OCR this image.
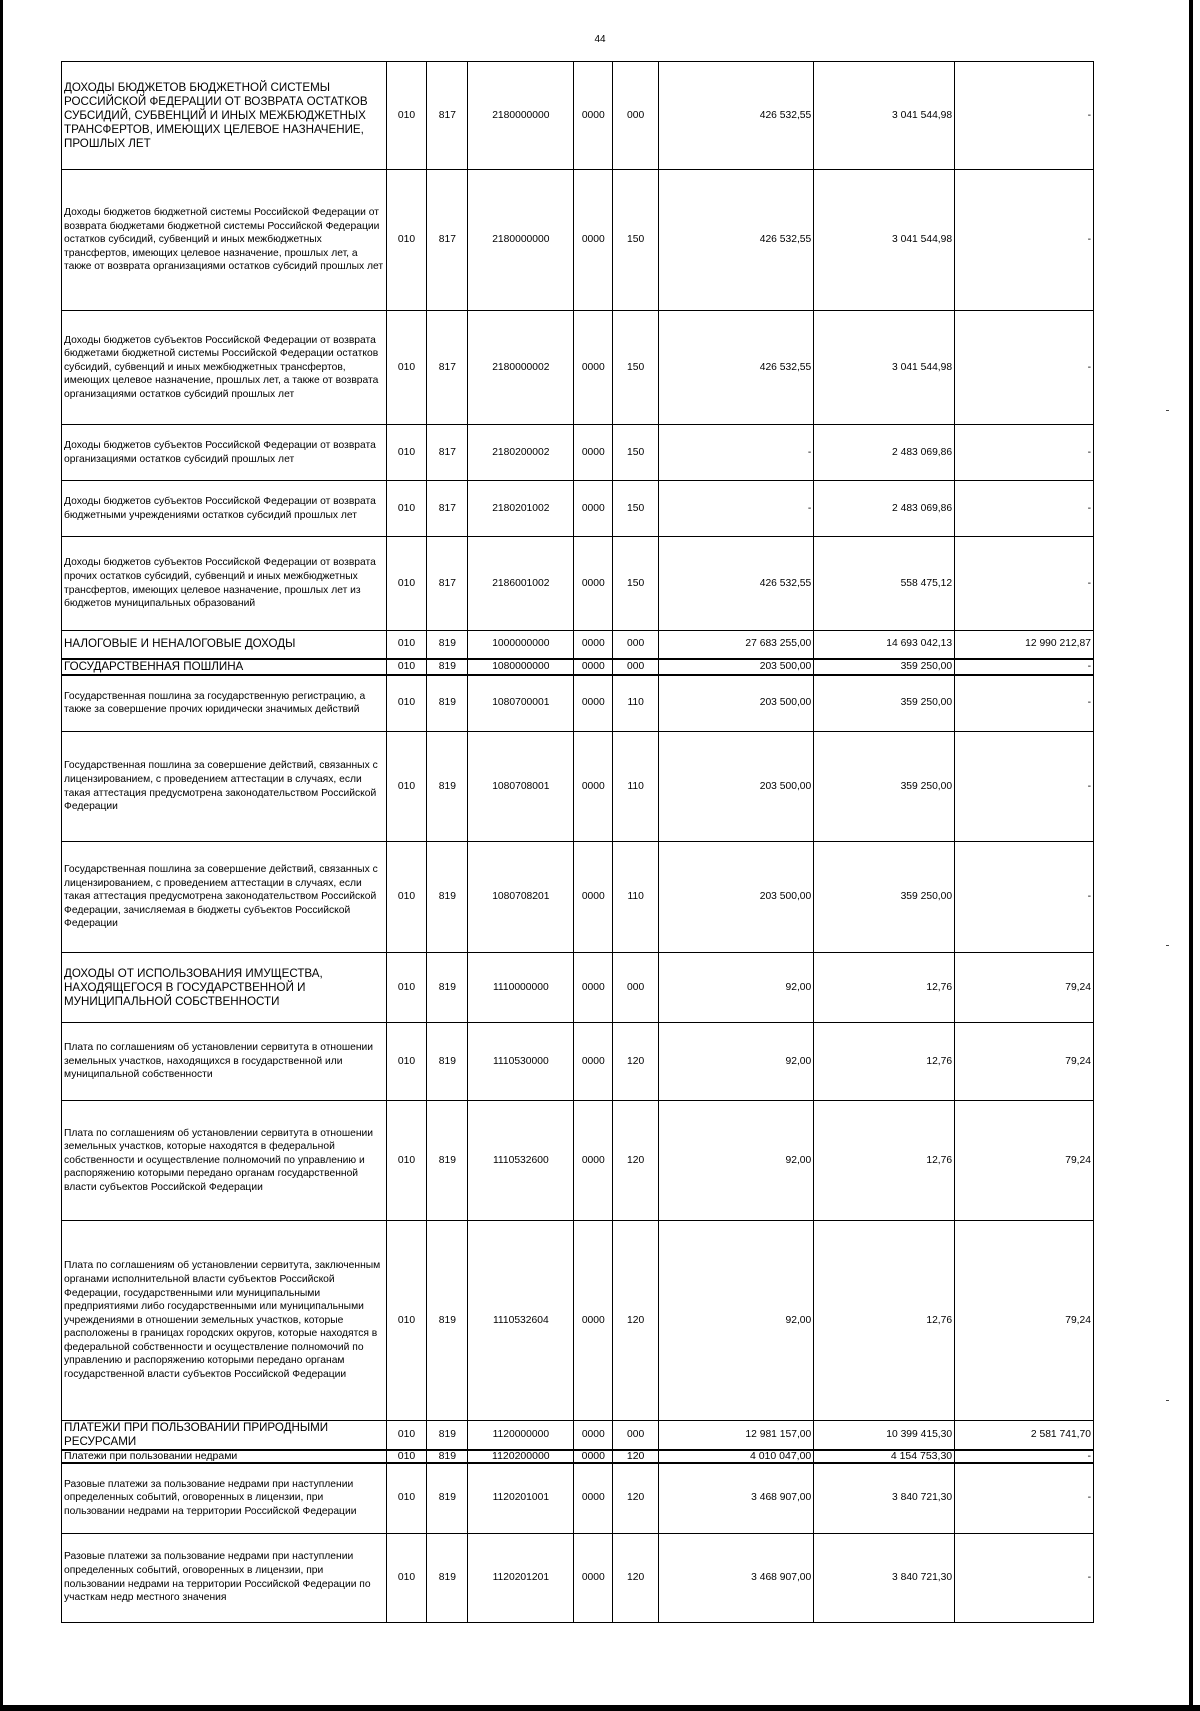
44
ДОХОДЫ БЮДЖЕТОВ БЮДЖЕТНОЙ СИСТЕМЫ РОССИЙСКОЙ ФЕДЕРАЦИИ ОТ ВОЗВРАТА ОСТАТКОВ СУБСИДИЙ, СУБВЕНЦИЙ И ИНЫХ МЕЖБЮДЖЕТНЫХ ТРАНСФЕРТОВ, ИМЕЮЩИХ ЦЕЛЕВОЕ НАЗНАЧЕНИЕ, ПРОШЛЫХ ЛЕТ	010	817	2180000000	0000	000	426 532,55	3 041 544,98	-
Доходы бюджетов бюджетной системы Российской Федерации от возврата бюджетами бюджетной системы Российской Федерации остатков субсидий, субвенций и иных межбюджетных трансфертов, имеющих целевое назначение, прошлых лет, а также от возврата организациями остатков субсидий прошлых лет	010	817	2180000000	0000	150	426 532,55	3 041 544,98	-
Доходы бюджетов субъектов Российской Федерации от возврата бюджетами бюджетной системы Российской Федерации остатков субсидий, субвенций и иных межбюджетных трансфертов, имеющих целевое назначение, прошлых лет, а также от возврата организациями остатков субсидий прошлых лет	010	817	2180000002	0000	150	426 532,55	3 041 544,98	-
Доходы бюджетов субъектов Российской Федерации от возврата организациями остатков субсидий прошлых лет	010	817	2180200002	0000	150	-	2 483 069,86	-
Доходы бюджетов субъектов Российской Федерации от возврата бюджетными учреждениями остатков субсидий прошлых лет	010	817	2180201002	0000	150	-	2 483 069,86	-
Доходы бюджетов субъектов Российской Федерации от возврата прочих остатков субсидий, субвенций и иных межбюджетных трансфертов, имеющих целевое назначение, прошлых лет из бюджетов муниципальных образований	010	817	2186001002	0000	150	426 532,55	558 475,12	-
НАЛОГОВЫЕ И НЕНАЛОГОВЫЕ ДОХОДЫ	010	819	1000000000	0000	000	27 683 255,00	14 693 042,13	12 990 212,87
ГОСУДАРСТВЕННАЯ ПОШЛИНА	010	819	1080000000	0000	000	203 500,00	359 250,00	-
Государственная пошлина за государственную регистрацию, а также за совершение прочих юридически значимых действий	010	819	1080700001	0000	110	203 500,00	359 250,00	-
Государственная пошлина за совершение действий, связанных с лицензированием, с проведением аттестации в случаях, если такая аттестация предусмотрена законодательством Российской Федерации	010	819	1080708001	0000	110	203 500,00	359 250,00	-
Государственная пошлина за совершение действий, связанных с лицензированием, с проведением аттестации в случаях, если такая аттестация предусмотрена законодательством Российской Федерации, зачисляемая в бюджеты субъектов Российской Федерации	010	819	1080708201	0000	110	203 500,00	359 250,00	-
ДОХОДЫ ОТ ИСПОЛЬЗОВАНИЯ ИМУЩЕСТВА, НАХОДЯЩЕГОСЯ В ГОСУДАРСТВЕННОЙ И МУНИЦИПАЛЬНОЙ СОБСТВЕННОСТИ	010	819	1110000000	0000	000	92,00	12,76	79,24
Плата по соглашениям об установлении сервитута в отношении земельных участков, находящихся в государственной или муниципальной собственности	010	819	1110530000	0000	120	92,00	12,76	79,24
Плата по соглашениям об установлении сервитута в отношении земельных участков, которые находятся в федеральной собственности и осуществление полномочий по управлению и распоряжению которыми передано органам государственной власти субъектов Российской Федерации	010	819	1110532600	0000	120	92,00	12,76	79,24
Плата по соглашениям об установлении сервитута, заключенным органами исполнительной власти субъектов Российской Федерации, государственными или муниципальными предприятиями либо государственными или муниципальными учреждениями в отношении земельных участков, которые расположены в границах городских округов, которые находятся в федеральной собственности и осуществление полномочий по управлению и распоряжению которыми передано органам государственной власти субъектов Российской Федерации	010	819	1110532604	0000	120	92,00	12,76	79,24
ПЛАТЕЖИ ПРИ ПОЛЬЗОВАНИИ ПРИРОДНЫМИ РЕСУРСАМИ	010	819	1120000000	0000	000	12 981 157,00	10 399 415,30	2 581 741,70
Платежи при пользовании недрами	010	819	1120200000	0000	120	4 010 047,00	4 154 753,30	-
Разовые платежи за пользование недрами при наступлении определенных событий, оговоренных в лицензии, при пользовании недрами на территории Российской Федерации	010	819	1120201001	0000	120	3 468 907,00	3 840 721,30	-
Разовые платежи за пользование недрами при наступлении определенных событий, оговоренных в лицензии, при пользовании недрами на территории Российской Федерации по участкам недр местного значения	010	819	1120201201	0000	120	3 468 907,00	3 840 721,30	-
